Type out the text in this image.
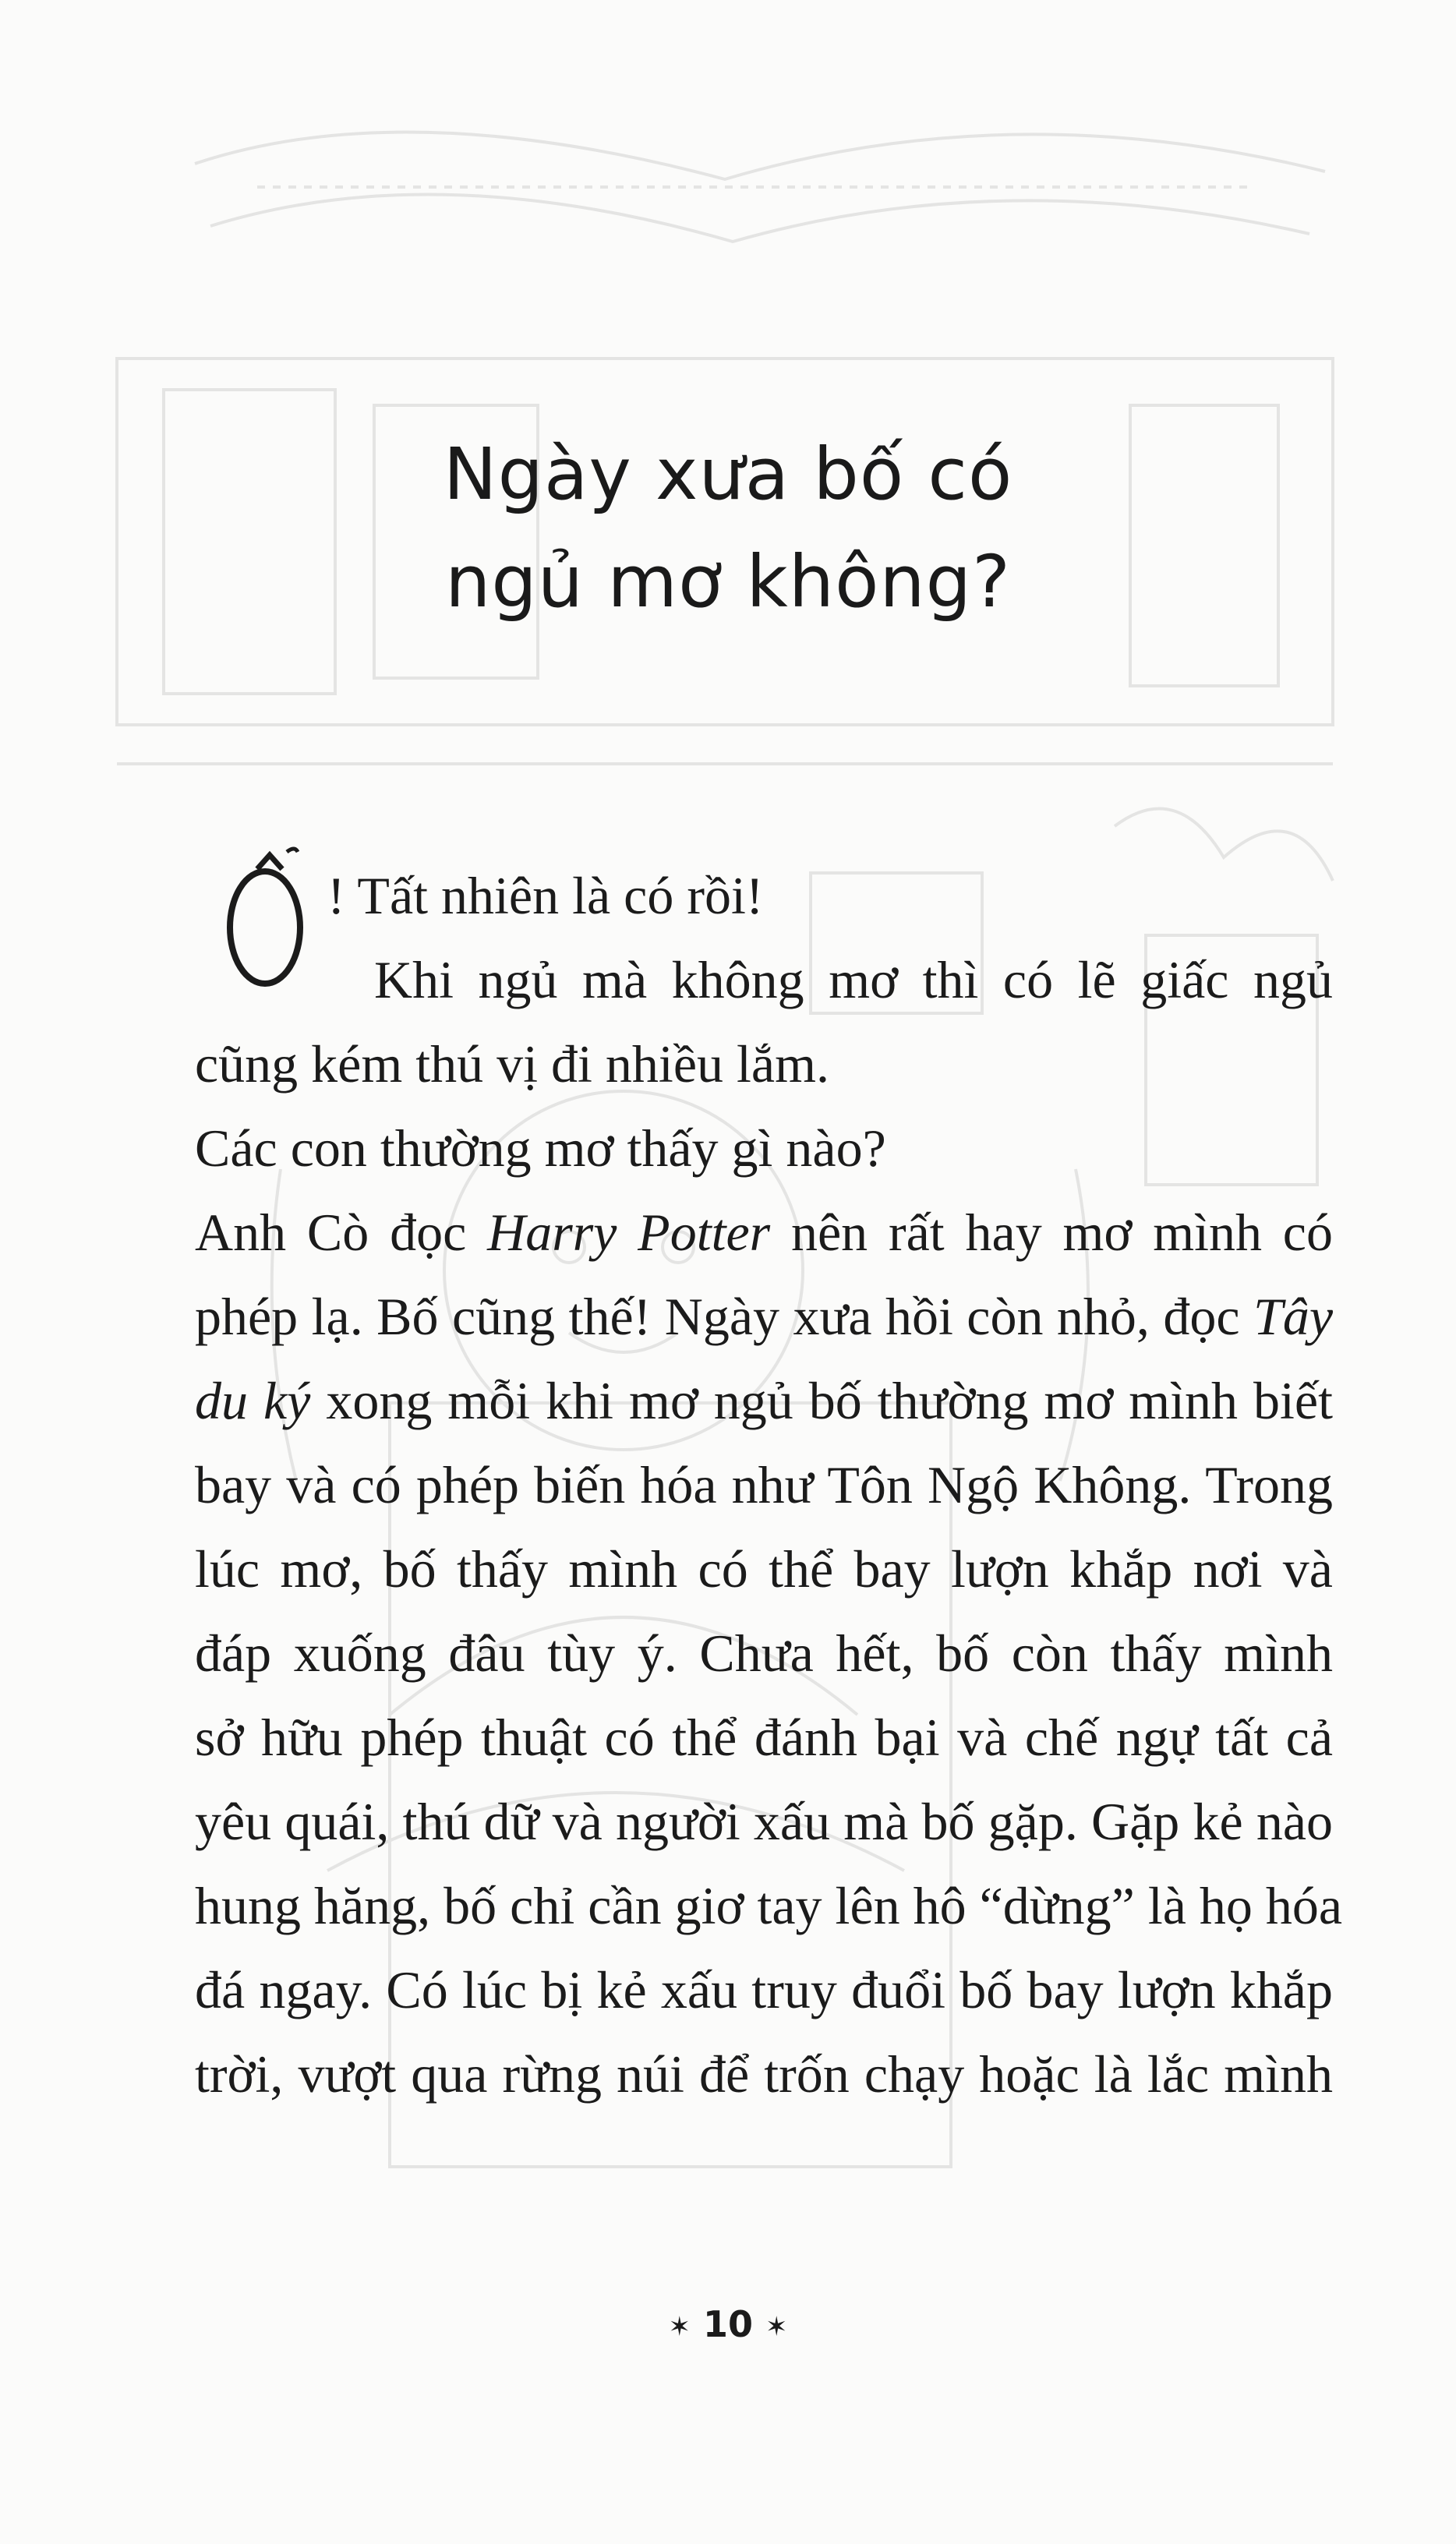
Ngày xưa bố có
ngủ mơ không?
Ồ
! Tất nhiên là có rồi!
Khi ngủ mà không mơ thì có lẽ giấc ngủ
cũng kém thú vị đi nhiều lắm.
Các con thường mơ thấy gì nào?
Anh Cò đọc Harry Potter nên rất hay mơ mình có
phép lạ. Bố cũng thế! Ngày xưa hồi còn nhỏ, đọc Tây
du ký xong mỗi khi mơ ngủ bố thường mơ mình biết
bay và có phép biến hóa như Tôn Ngộ Không. Trong
lúc mơ, bố thấy mình có thể bay lượn khắp nơi và
đáp xuống đâu tùy ý. Chưa hết, bố còn thấy mình
sở hữu phép thuật có thể đánh bại và chế ngự tất cả
yêu quái, thú dữ và người xấu mà bố gặp. Gặp kẻ nào
hung hăng, bố chỉ cần giơ tay lên hô “dừng” là họ hóa
đá ngay. Có lúc bị kẻ xấu truy đuổi bố bay lượn khắp
trời, vượt qua rừng núi để trốn chạy hoặc là lắc mình
✶ 10 ✶
